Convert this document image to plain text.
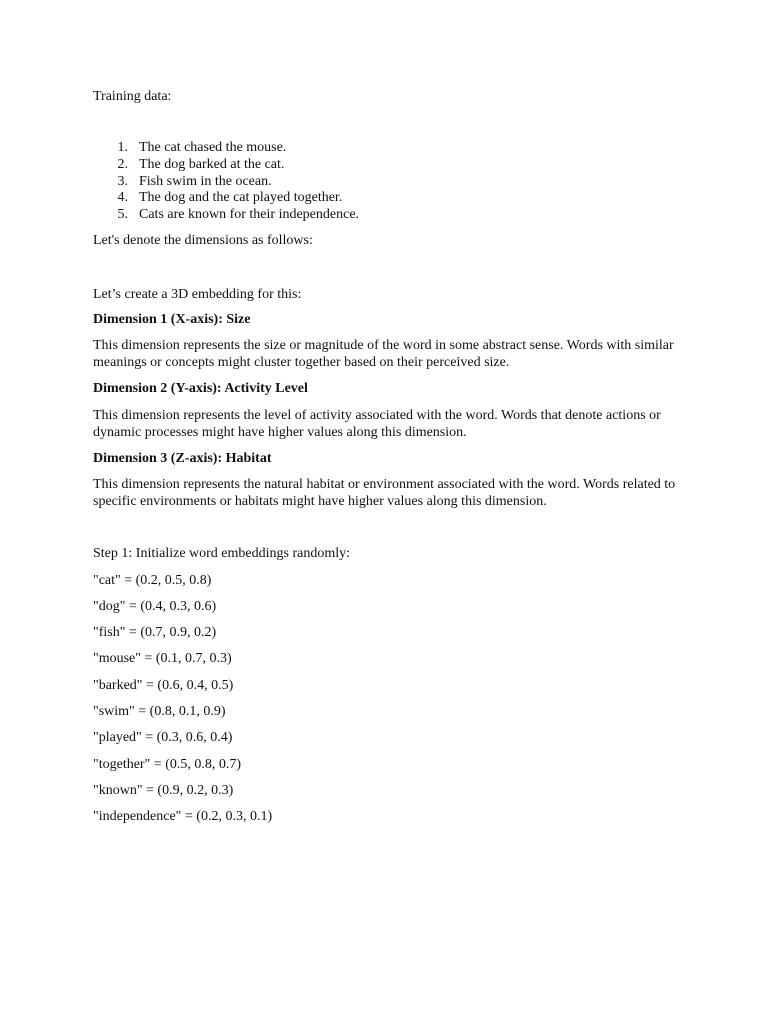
Training data:
1. The cat chased the mouse.
2. The dog barked at the cat.
3. Fish swim in the ocean.
4. The dog and the cat played together.
5. Cats are known for their independence.
Let's denote the dimensions as follows:
Let’s create a 3D embedding for this:
Dimension 1 (X-axis): Size
This dimension represents the size or magnitude of the word in some abstract sense. Words with similar meanings or concepts might cluster together based on their perceived size.
Dimension 2 (Y-axis): Activity Level
This dimension represents the level of activity associated with the word. Words that denote actions or dynamic processes might have higher values along this dimension.
Dimension 3 (Z-axis): Habitat
This dimension represents the natural habitat or environment associated with the word. Words related to specific environments or habitats might have higher values along this dimension.
Step 1: Initialize word embeddings randomly:
"cat" = (0.2, 0.5, 0.8)
"dog" = (0.4, 0.3, 0.6)
"fish" = (0.7, 0.9, 0.2)
"mouse" = (0.1, 0.7, 0.3)
"barked" = (0.6, 0.4, 0.5)
"swim" = (0.8, 0.1, 0.9)
"played" = (0.3, 0.6, 0.4)
"together" = (0.5, 0.8, 0.7)
"known" = (0.9, 0.2, 0.3)
"independence" = (0.2, 0.3, 0.1)
